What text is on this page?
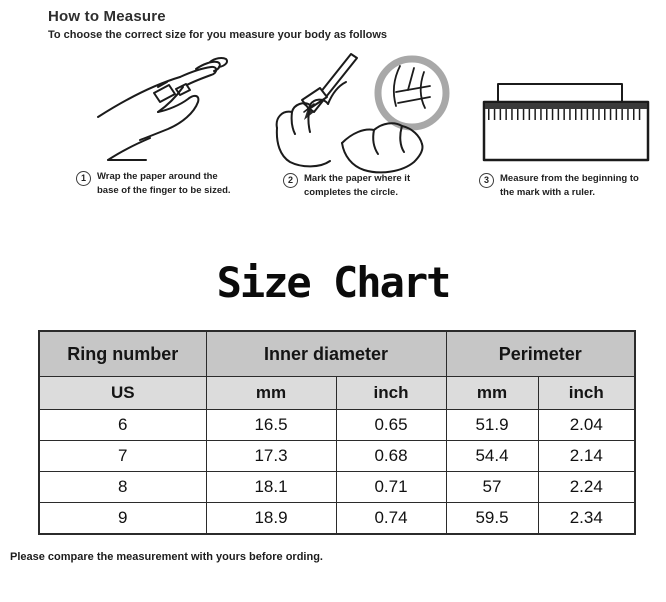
How to Measure
To choose the correct size for you measure your body as follows
1	Wrap the paper around the
base of the finger to be sized.
2	Mark the paper where it
completes the circle.
3	Measure from the beginning to
the mark with a ruler.
Size Chart
Ring number	Inner diameter		Perimeter	
US	mm	inch	mm	inch
6	16.5	0.65	51.9	2.04
7	17.3	0.68	54.4	2.14
8	18.1	0.71	57	2.24
9	18.9	0.74	59.5	2.34
Please compare the measurement with yours before ording.
